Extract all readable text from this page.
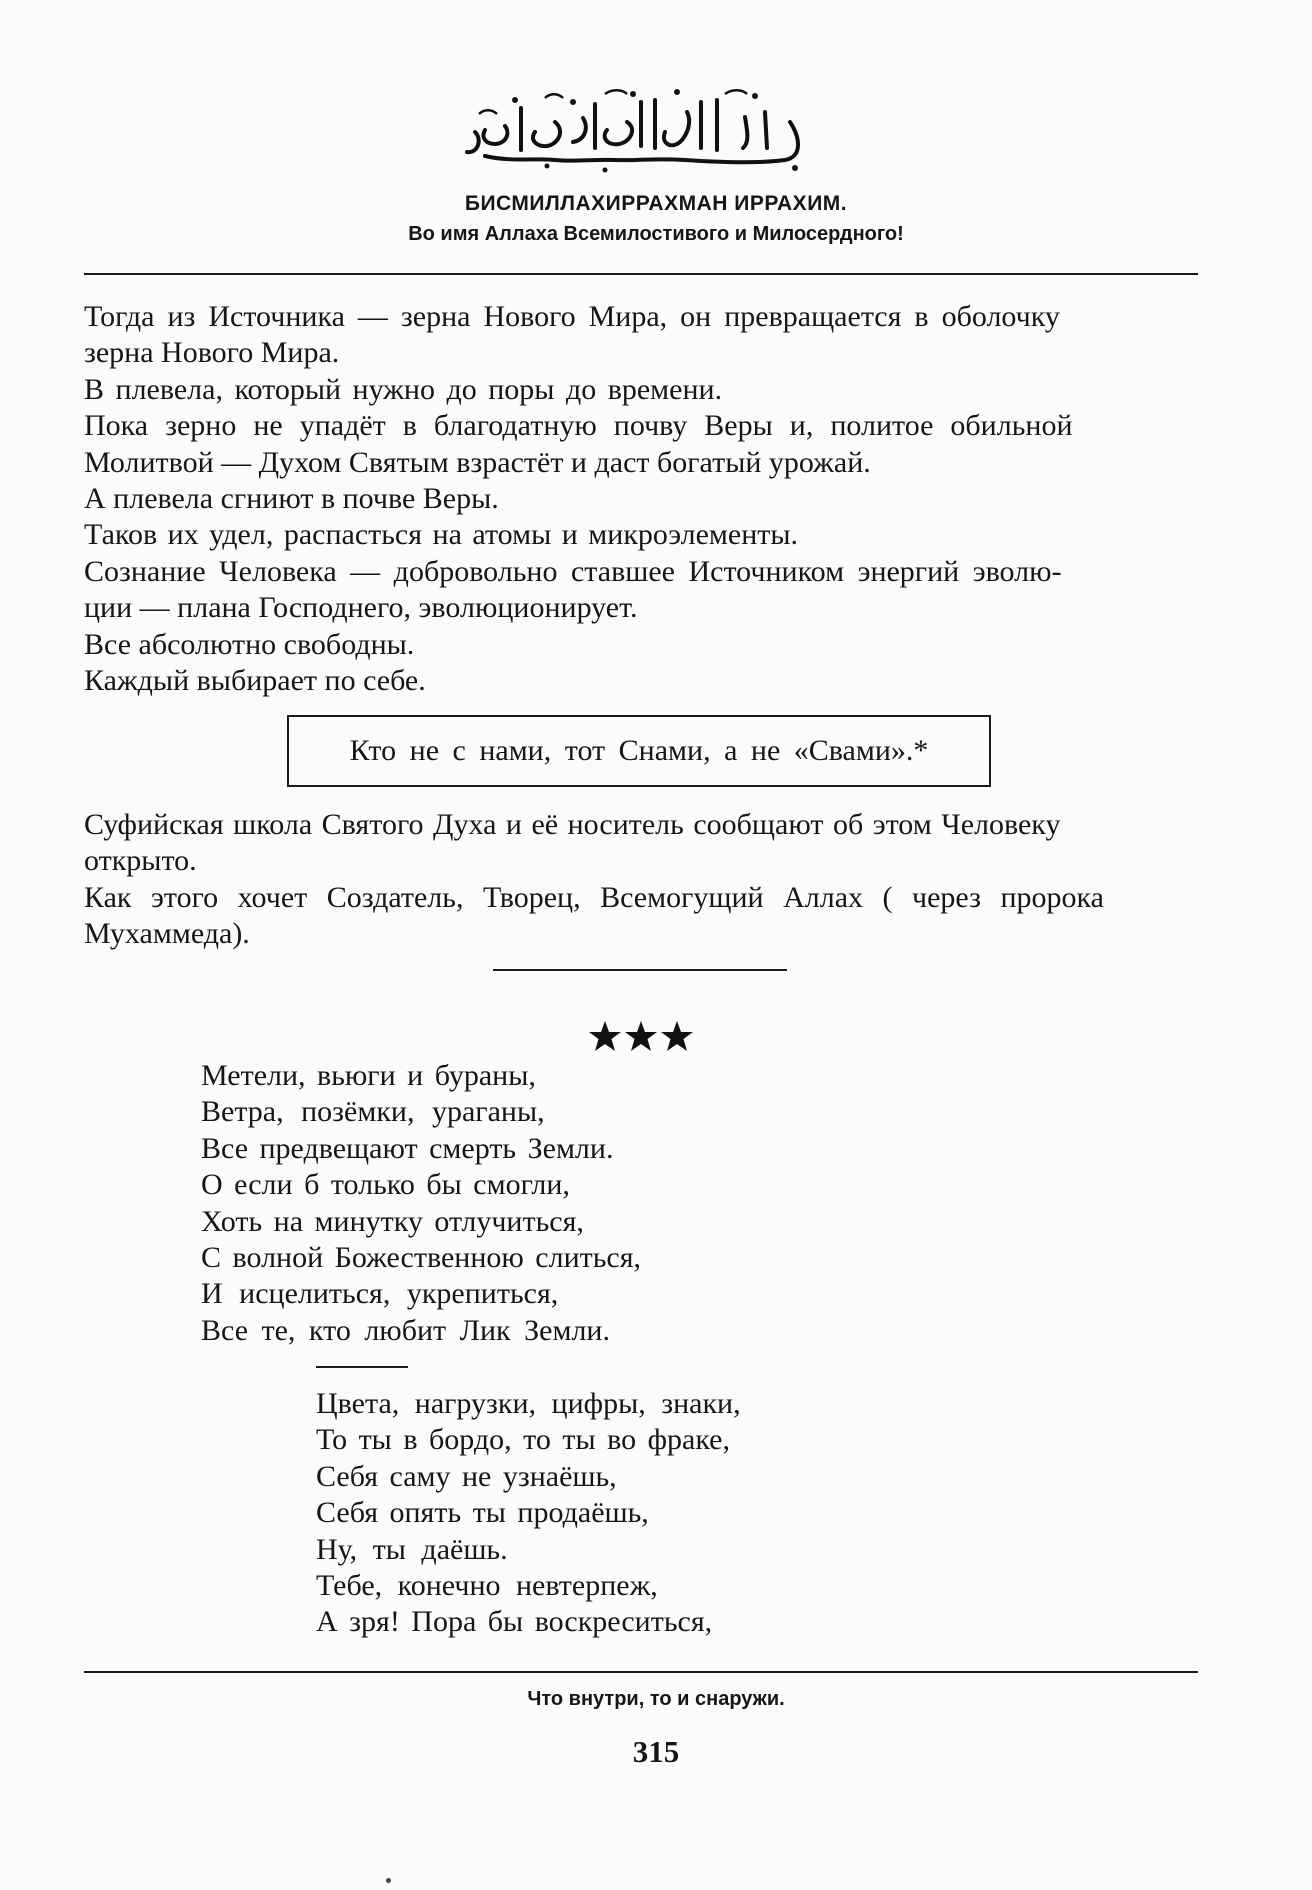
БИСМИЛЛАХИРРАХМАН ИРРАХИМ.
Во имя Аллаха Всемилостивого и Милосердного!
Тогда из Источника — зерна Нового Мира, он превращается в оболочку
зерна Нового Мира.
В плевела, который нужно до поры до времени.
Пока зерно не упадёт в благодатную почву Веры и, политое обильной
Молитвой — Духом Святым взрастёт и даст богатый урожай.
А плевела сгниют в почве Веры.
Таков их удел, распасться на атомы и микроэлементы.
Сознание Человека — добровольно ставшее Источником энергий эволю-
ции — плана Господнего, эволюционирует.
Все абсолютно свободны.
Каждый выбирает по себе.
Кто не с нами, тот Снами, а не «Свами».*
Суфийская школа Святого Духа и её носитель сообщают об этом Человеку
открыто.
Как этого хочет Создатель, Творец, Всемогущий Аллах ( через пророка
Мухаммеда).
Метели, вьюги и бураны,
Ветра, позёмки, ураганы,
Все предвещают смерть Земли.
О если б только бы смогли,
Хоть на минутку отлучиться,
С волной Божественною слиться,
И исцелиться, укрепиться,
Все те, кто любит Лик Земли.
Цвета, нагрузки, цифры, знаки,
То ты в бордо, то ты во фраке,
Себя саму не узнаёшь,
Себя опять ты продаёшь,
Ну, ты даёшь.
Тебе, конечно невтерпеж,
А зря! Пора бы воскреситься,
Что внутри, то и снаружи.
315
